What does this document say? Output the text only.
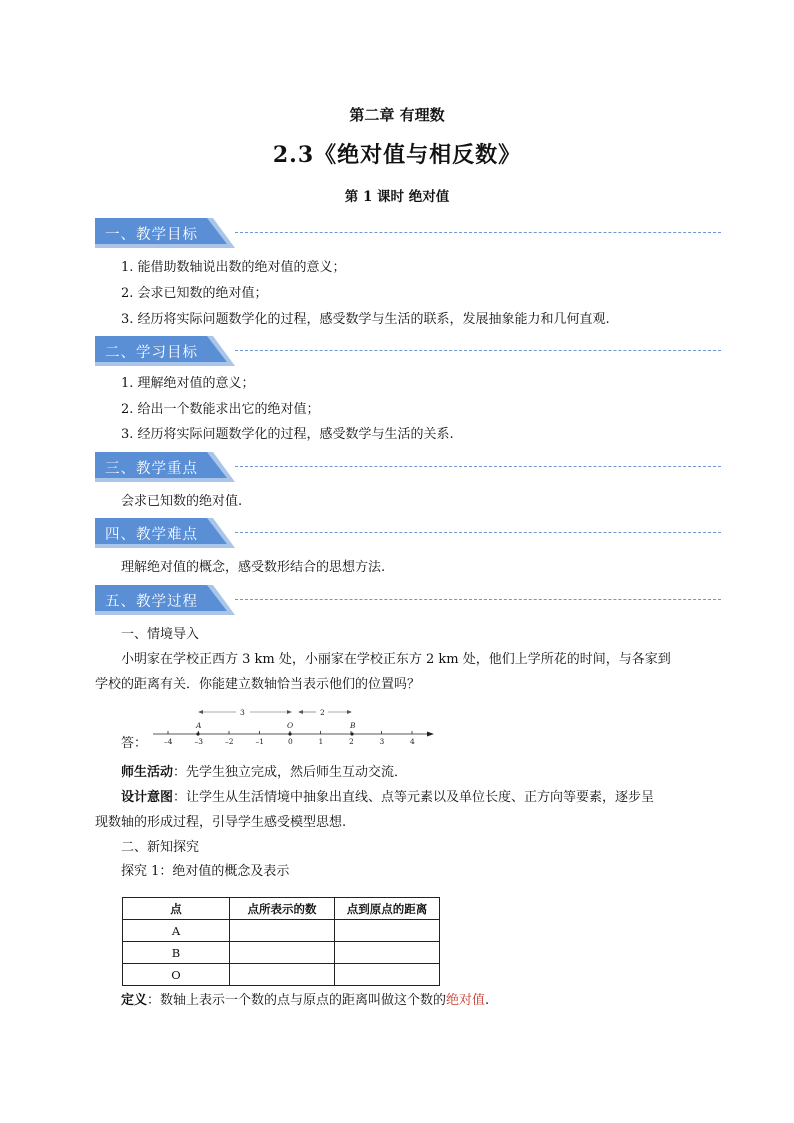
第二章 有理数
2.3《绝对值与相反数》
第 1 课时 绝对值
一、教学目标
1. 能借助数轴说出数的绝对值的意义；
2. 会求已知数的绝对值；
3. 经历将实际问题数学化的过程，感受数学与生活的联系，发展抽象能力和几何直观.
二、学习目标
1. 理解绝对值的意义；
2. 给出一个数能求出它的绝对值；
3. 经历将实际问题数学化的过程，感受数学与生活的关系.
三、教学重点
会求已知数的绝对值.
四、教学难点
理解绝对值的概念，感受数形结合的思想方法.
五、教学过程
一、情境导入
小明家在学校正西方 3 km 处，小丽家在学校正东方 2 km 处，他们上学所花的时间，与各家到
学校的距离有关．你能建立数轴恰当表示他们的位置吗？
答：
3	2
–4	–3	–2	–1	0	1	2	3	4
A	O	B
师生活动：先学生独立完成，然后师生互动交流．
设计意图：让学生从生活情境中抽象出直线、点等元素以及单位长度、正方向等要素，逐步呈
现数轴的形成过程，引导学生感受模型思想.
二、新知探究
探究 1：绝对值的概念及表示
点	点所表示的数	点到原点的距离
A		
B		
O		
定义：数轴上表示一个数的点与原点的距离叫做这个数的绝对值.
